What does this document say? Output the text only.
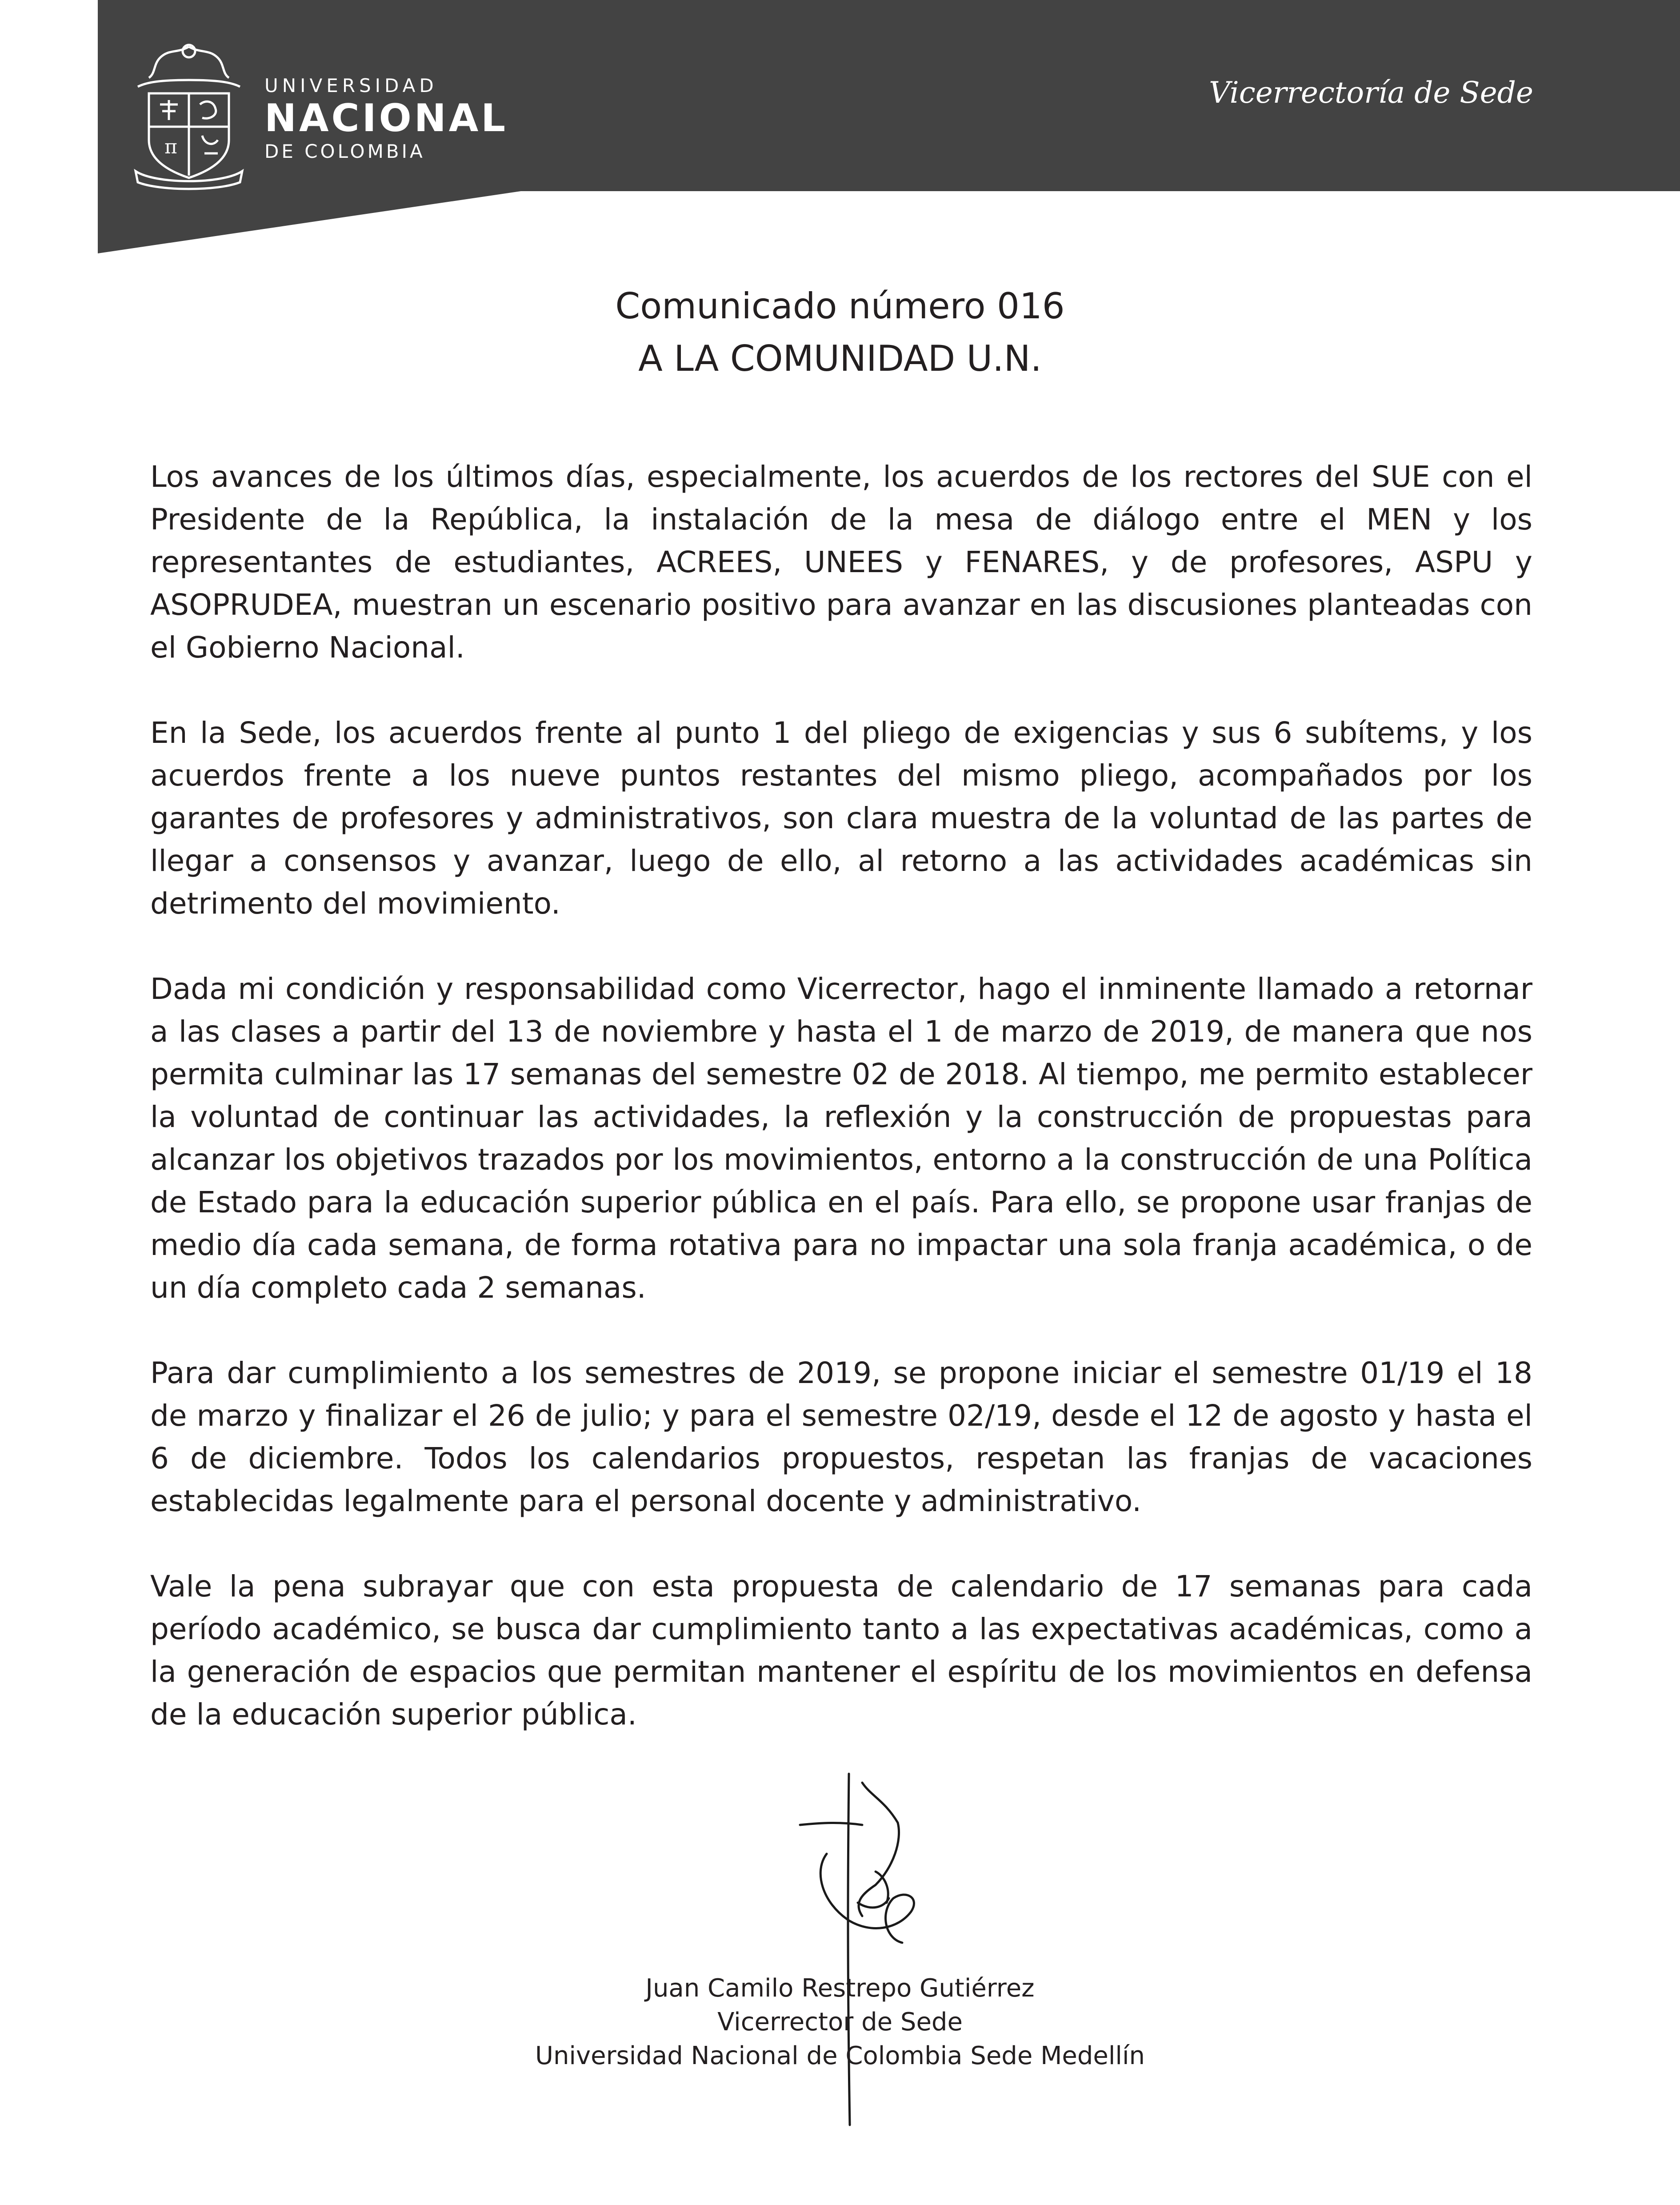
π
UNIVERSIDAD
NACIONAL
DE COLOMBIA
Vicerrectoría de Sede
Comunicado número 016
A LA COMUNIDAD U.N.

Los avances de los últimos días, especialmente, los acuerdos de los rectores del SUE con el Presidente de la República, la instalación de la mesa de diálogo entre el MEN y los representantes de estudiantes, ACREES, UNEES y FENARES, y de profesores, ASPU y ASOPRUDEA, muestran un escenario positivo para avanzar en las discusiones planteadas con el Gobierno Nacional.

En la Sede, los acuerdos frente al punto 1 del pliego de exigencias y sus 6 subítems, y los acuerdos frente a los nueve puntos restantes del mismo pliego, acompañados por los garantes de profesores y administrativos, son clara muestra de la voluntad de las partes de llegar a consensos y avanzar, luego de ello, al retorno a las actividades académicas sin detrimento del movimiento.

Dada mi condición y responsabilidad como Vicerrector, hago el inminente llamado a retornar a las clases a partir del 13 de noviembre y hasta el 1 de marzo de 2019, de manera que nos permita culminar las 17 semanas del semestre 02 de 2018. Al tiempo, me permito establecer la voluntad de continuar las actividades, la reflexión y la construcción de propuestas para alcanzar los objetivos trazados por los movimientos, entorno a la construcción de una Política de Estado para la educación superior pública en el país. Para ello, se propone usar franjas de medio día cada semana, de forma rotativa para no impactar una sola franja académica, o de un día completo cada 2 semanas.

Para dar cumplimiento a los semestres de 2019, se propone iniciar el semestre 01/19 el 18 de marzo y finalizar el 26 de julio; y para el semestre 02/19, desde el 12 de agosto y hasta el 6 de diciembre. Todos los calendarios propuestos, respetan las franjas de vacaciones establecidas legalmente para el personal docente y administrativo.

Vale la pena subrayar que con esta propuesta de calendario de 17 semanas para cada período académico, se busca dar cumplimiento tanto a las expectativas académicas, como a la generación de espacios que permitan mantener el espíritu de los movimientos en defensa de la educación superior pública.

Juan Camilo Restrepo Gutiérrez
Vicerrector de Sede
Universidad Nacional de Colombia Sede Medellín
